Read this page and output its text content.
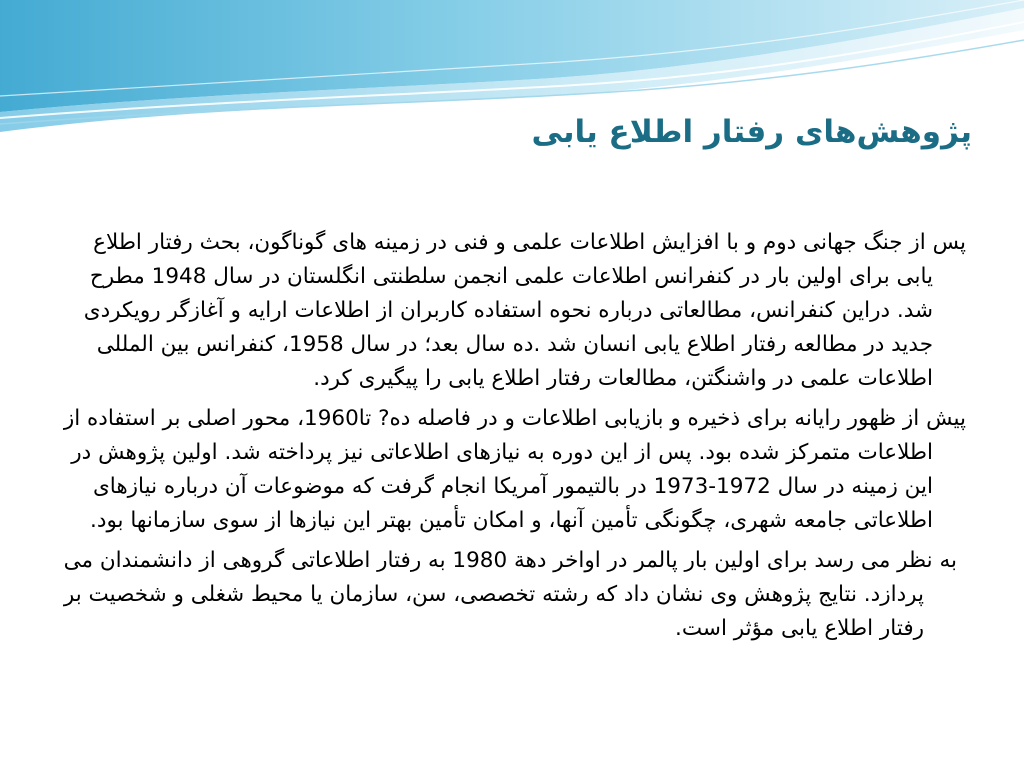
پژوهش‌های رفتار اطلاع یابی

پس از جنگ جهانی دوم و با افزایش اطلاعات علمی و فنی در زمینه های گوناگون، بحث رفتار اطلاع یابی برای اولین بار در کنفرانس اطلاعات علمی انجمن سلطنتی انگلستان در سال 1948 مطرح شد. دراین کنفرانس، مطالعاتی درباره نحوه استفاده کاربران از اطلاعات ارایه و آغازگر رویکردی جدید در مطالعه رفتار اطلاع یابی انسان شد .ده سال بعد؛ در سال 1958، کنفرانس بین المللی اطلاعات علمی در واشنگتن، مطالعات رفتار اطلاع یابی را پیگیری کرد.

پیش از ظهور رایانه برای ذخیره و بازیابی اطلاعات و در فاصله ده? تا1960، محور اصلی بر استفاده از اطلاعات متمرکز شده بود. پس از این دوره به نیازهای اطلاعاتی نیز پرداخته شد. اولین پژوهش در این زمینه در سال 1972-1973 در بالتیمور آمریکا انجام گرفت که موضوعات آن درباره نیازهای اطلاعاتی جامعه شهری، چگونگی تأمین آنها، و امکان تأمین بهتر این نیازها از سوی سازمانها بود.

به نظر می رسد برای اولین بار پالمر در اواخر دهة 1980 به رفتار اطلاعاتی گروهی از دانشمندان می پردازد. نتایج پژوهش وی نشان داد که رشته تخصصی، سن، سازمان یا محیط شغلی و شخصیت بر رفتار اطلاع یابی مؤثر است.
